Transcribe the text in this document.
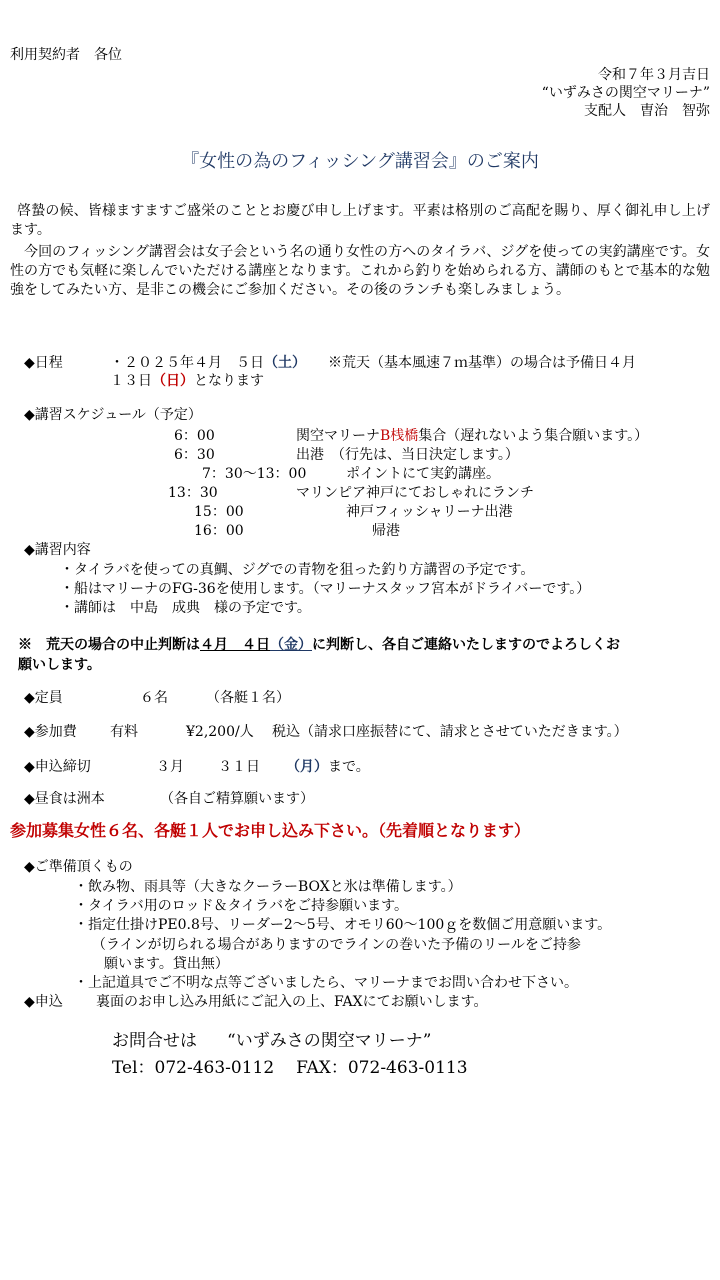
利用契約者　各位
令和７年３月吉日
“いずみさの関空マリーナ”
支配人　曺治　智弥
『女性の為のフィッシング講習会』のご案内
啓蟄の候、皆様ますますご盛栄のこととお慶び申し上げます。平素は格別のご高配を賜り、厚く御礼申し上げます。
今回のフィッシング講習会は女子会という名の通り女性の方へのタイラバ、ジグを使っての実釣講座です。女性の方でも気軽に楽しんでいただける講座となります。これから釣りを始められる方、講師のもとで基本的な勉強をしてみたい方、是非この機会にご参加ください。その後のランチも楽しみましょう。
◆日程	・２０２５年４月　５日（土） ※荒天（基本風速７ｍ基準）の場合は予備日４月
１３日（日）となります
◆講習スケジュール（予定）
6：00	関空マリーナB桟橋集合（遅れないよう集合願います。）
6：30	出港　（行先は、当日決定します。）
7：30～13：00	ポイントにて実釣講座。
13：30	マリンピア神戸にておしゃれにランチ
15：00	神戸フィッシャリーナ出港
16：00	帰港
◆講習内容
・タイラバを使っての真鯛、ジグでの青物を狙った釣り方講習の予定です。
・船はマリーナのFG-36を使用します。（マリーナスタッフ宮本がドライバーです。）
・講師は　中島　成典　様の予定です。
※　荒天の場合の中止判断は４月　４日（金）に判断し、各自ご連絡いたしますのでよろしくお
願いします。
◆定員	６名	（各艇１名）
◆参加費 有料	¥2,200/人 税込（請求口座振替にて、請求とさせていただきます。）
◆申込締切	３月 ３１日 （月）まで。
◆昼食は洲本	（各自ご精算願います）
参加募集女性６名、各艇１人でお申し込み下さい。（先着順となります）
◆ご準備頂くもの
・飲み物、雨具等（大きなクーラーBOXと氷は準備します。）
・タイラバ用のロッド＆タイラバをご持参願います。
・指定仕掛けPE0.8号、リーダー2～5号、オモリ60～100ｇを数個ご用意願います。
（ラインが切られる場合がありますのでラインの巻いた予備のリールをご持参
願います。貸出無）
・上記道具でご不明な点等ございましたら、マリーナまでお問い合わせ下さい。
◆申込 裏面のお申し込み用紙にご記入の上、FAXにてお願いします。
お問合せは “いずみさの関空マリーナ”
Tel：072-463-0112 FAX：072-463-0113
